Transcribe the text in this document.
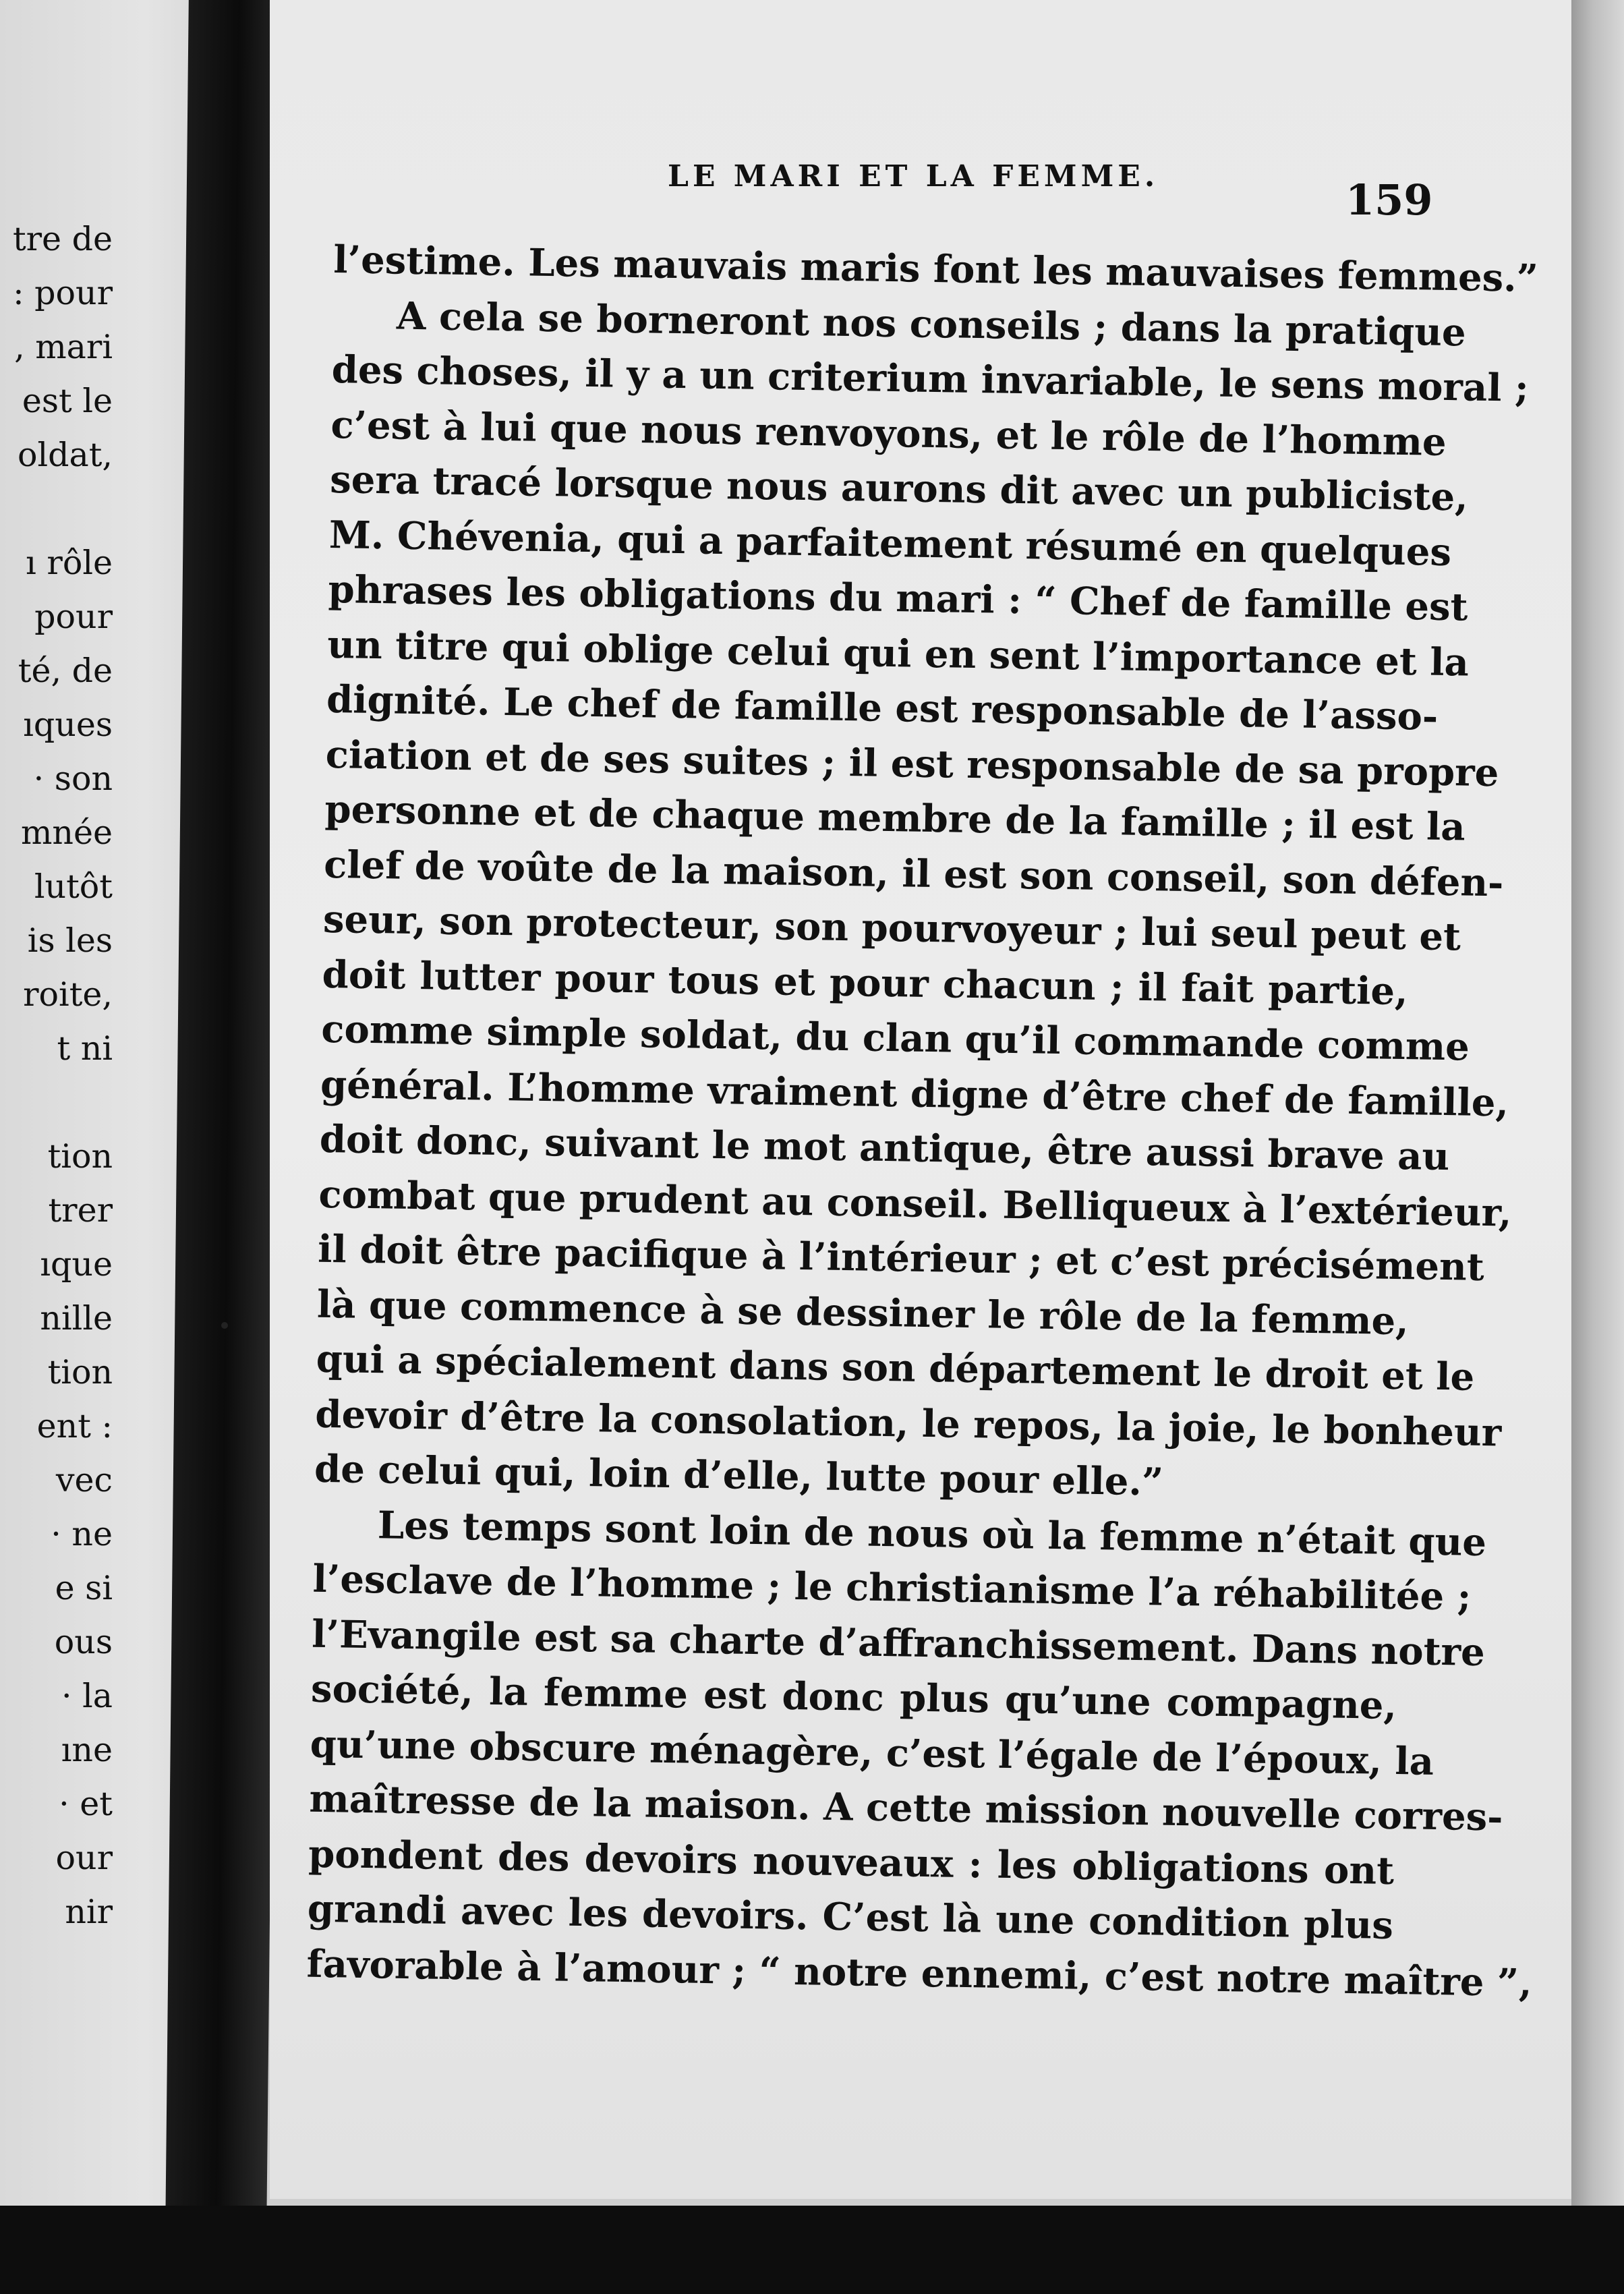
tre de
: pour
, mari
est le
oldat,
ı rôle
pour
té, de
ıques
· son
mnée
lutôt
is les
roite,
t ni
tion
trer
ıque
nille
tion
ent :
vec
· ne
e si
ous
· la
ıne
· et
our
nir
LE MARI ET LA FEMME.	159
l’estime. Les mauvais maris font les mauvaises femmes.”
A cela se borneront nos conseils ; dans la pratique
des choses, il y a un criterium invariable, le sens moral ;
c’est à lui que nous renvoyons, et le rôle de l’homme
sera tracé lorsque nous aurons dit avec un publiciste,
M. Chévenia, qui a parfaitement résumé en quelques
phrases les obligations du mari : “ Chef de famille est
un titre qui oblige celui qui en sent l’importance et la
dignité. Le chef de famille est responsable de l’asso-
ciation et de ses suites ; il est responsable de sa propre
personne et de chaque membre de la famille ; il est la
clef de voûte de la maison, il est son conseil, son défen-
seur, son protecteur, son pourvoyeur ; lui seul peut et
doit lutter pour tous et pour chacun ; il fait partie,
comme simple soldat, du clan qu’il commande comme
général. L’homme vraiment digne d’être chef de famille,
doit donc, suivant le mot antique, être aussi brave au
combat que prudent au conseil. Belliqueux à l’extérieur,
il doit être pacifique à l’intérieur ; et c’est précisément
là que commence à se dessiner le rôle de la femme,
qui a spécialement dans son département le droit et le
devoir d’être la consolation, le repos, la joie, le bonheur
de celui qui, loin d’elle, lutte pour elle.”
Les temps sont loin de nous où la femme n’était que
l’esclave de l’homme ; le christianisme l’a réhabilitée ;
l’Evangile est sa charte d’affranchissement. Dans notre
société, la femme est donc plus qu’une compagne,
qu’une obscure ménagère, c’est l’égale de l’époux, la
maîtresse de la maison. A cette mission nouvelle corres-
pondent des devoirs nouveaux : les obligations ont
grandi avec les devoirs. C’est là une condition plus
favorable à l’amour ; “ notre ennemi, c’est notre maître ”,
